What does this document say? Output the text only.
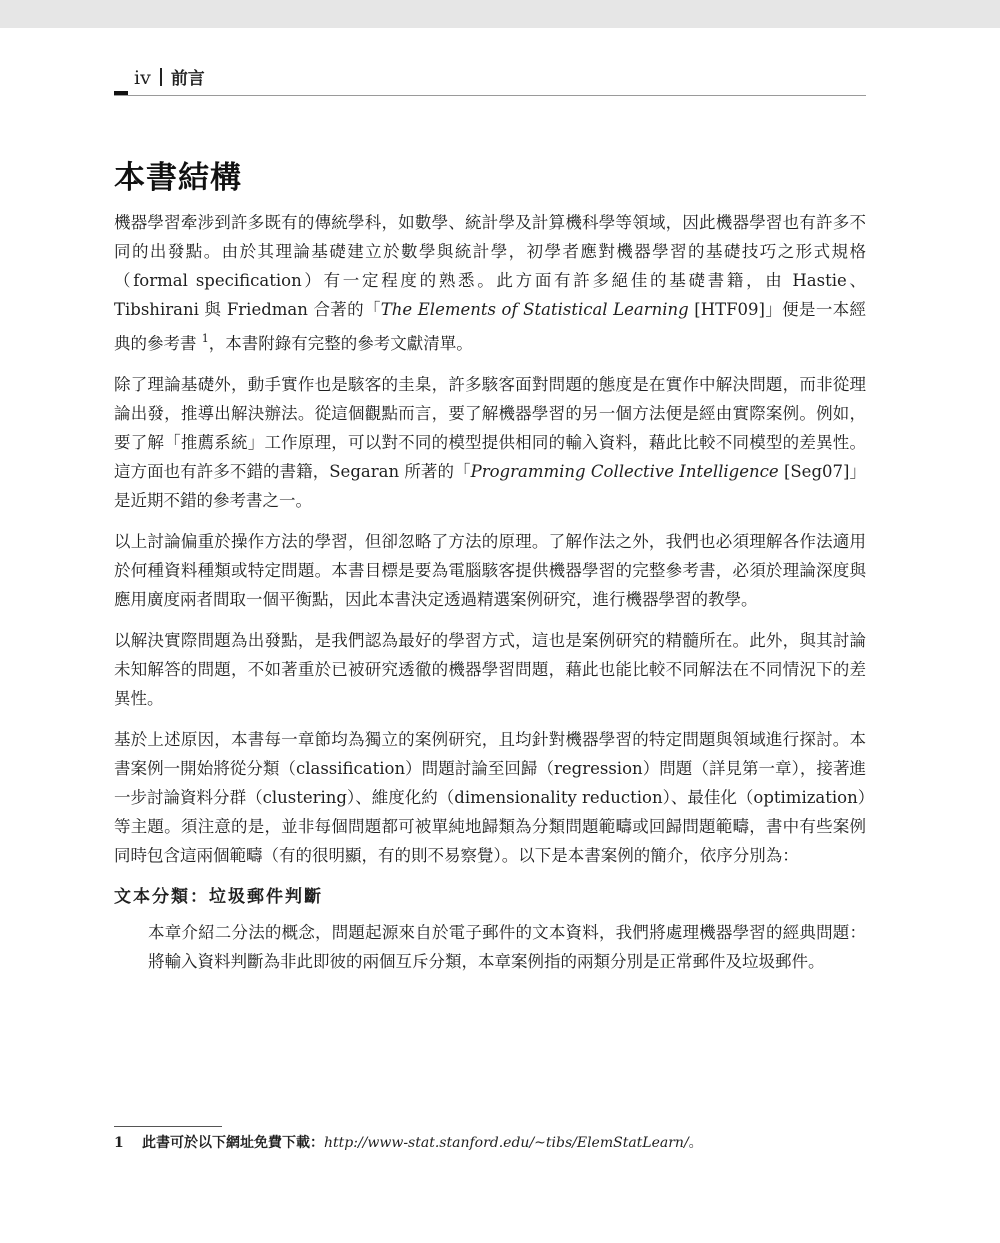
iv 前言
本書結構

機器學習牽涉到許多既有的傳統學科，如數學、統計學及計算機科學等領域，因此機器學習也有許多不同的出發點。由於其理論基礎建立於數學與統計學，初學者應對機器學習的基礎技巧之形式規格（formal specification）有一定程度的熟悉。此方面有許多絕佳的基礎書籍，由 Hastie、Tibshirani 與 Friedman 合著的「The Elements of Statistical Learning [HTF09]」便是一本經典的參考書 $^1$，本書附錄有完整的參考文獻清單。

除了理論基礎外，動手實作也是駭客的圭臬，許多駭客面對問題的態度是在實作中解決問題，而非從理論出發，推導出解決辦法。從這個觀點而言，要了解機器學習的另一個方法便是經由實際案例。例如，要了解「推薦系統」工作原理，可以對不同的模型提供相同的輸入資料，藉此比較不同模型的差異性。這方面也有許多不錯的書籍，Segaran 所著的「Programming Collective Intelligence [Seg07]」是近期不錯的參考書之一。

以上討論偏重於操作方法的學習，但卻忽略了方法的原理。了解作法之外，我們也必須理解各作法適用於何種資料種類或特定問題。本書目標是要為電腦駭客提供機器學習的完整參考書，必須於理論深度與應用廣度兩者間取一個平衡點，因此本書決定透過精選案例研究，進行機器學習的教學。

以解決實際問題為出發點，是我們認為最好的學習方式，這也是案例研究的精髓所在。此外，與其討論未知解答的問題，不如著重於已被研究透徹的機器學習問題，藉此也能比較不同解法在不同情況下的差異性。

基於上述原因，本書每一章節均為獨立的案例研究，且均針對機器學習的特定問題與領域進行探討。本書案例一開始將從分類（classification）問題討論至回歸（regression）問題（詳見第一章），接著進一步討論資料分群（clustering）、維度化約（dimensionality reduction）、最佳化（optimization）等主題。須注意的是，並非每個問題都可被單純地歸類為分類問題範疇或回歸問題範疇，書中有些案例同時包含這兩個範疇（有的很明顯，有的則不易察覺）。以下是本書案例的簡介，依序分別為：

文本分類：垃圾郵件判斷

本章介紹二分法的概念，問題起源來自於電子郵件的文本資料，我們將處理機器學習的經典問題：將輸入資料判斷為非此即彼的兩個互斥分類，本章案例指的兩類分別是正常郵件及垃圾郵件。

1 此書可於以下網址免費下載：http://www-stat.stanford.edu/~tibs/ElemStatLearn/。
